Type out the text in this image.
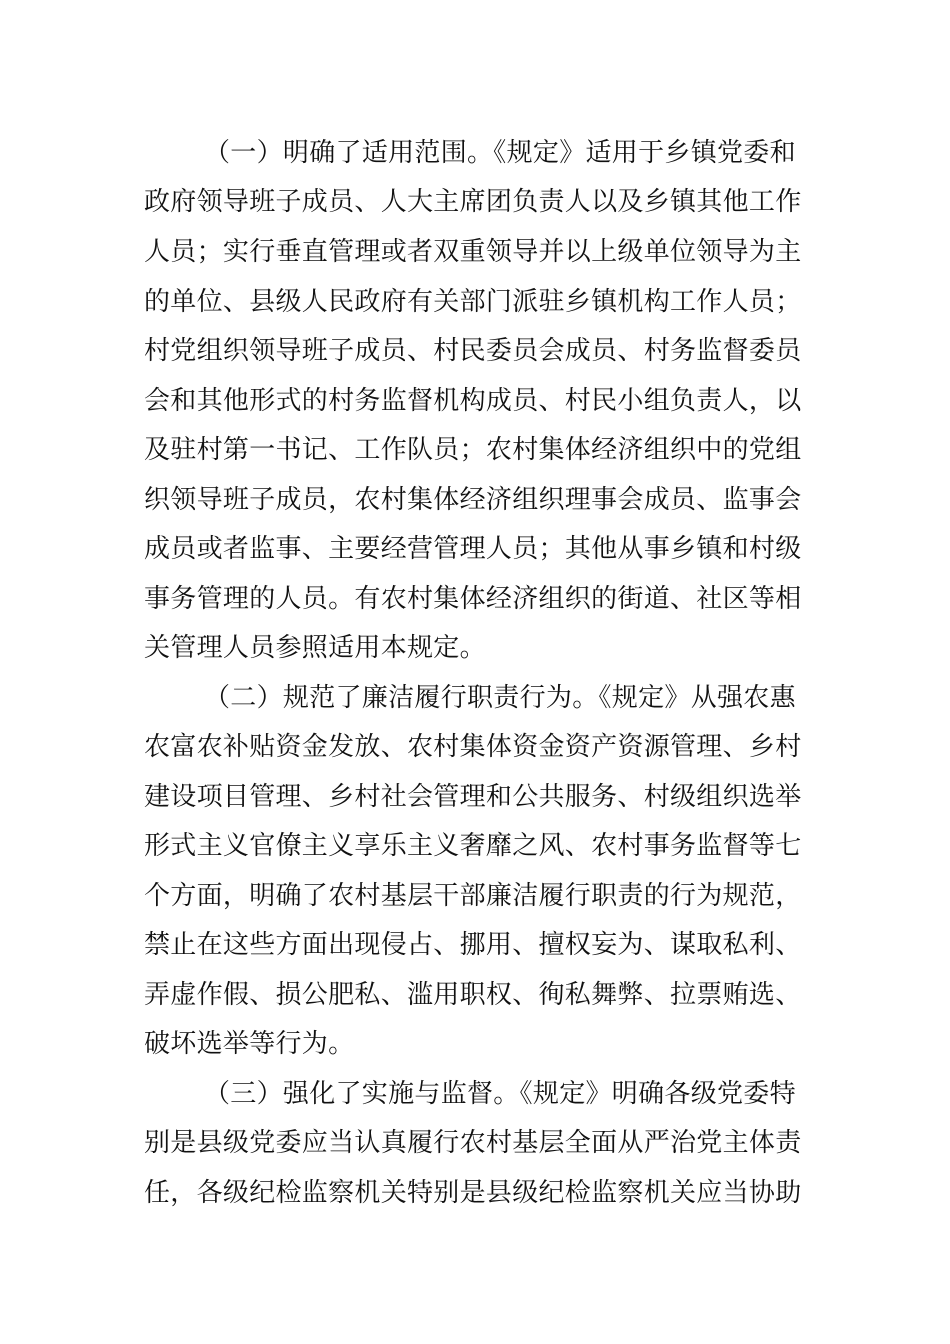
（一）明确了适用范围。《规定》适用于乡镇党委和
政府领导班子成员、人大主席团负责人以及乡镇其他工作
人员；实行垂直管理或者双重领导并以上级单位领导为主
的单位、县级人民政府有关部门派驻乡镇机构工作人员；
村党组织领导班子成员、村民委员会成员、村务监督委员
会和其他形式的村务监督机构成员、村民小组负责人，以
及驻村第一书记、工作队员；农村集体经济组织中的党组
织领导班子成员，农村集体经济组织理事会成员、监事会
成员或者监事、主要经营管理人员；其他从事乡镇和村级
事务管理的人员。有农村集体经济组织的街道、社区等相
关管理人员参照适用本规定。
（二）规范了廉洁履行职责行为。《规定》从强农惠
农富农补贴资金发放、农村集体资金资产资源管理、乡村
建设项目管理、乡村社会管理和公共服务、村级组织选举
形式主义官僚主义享乐主义奢靡之风、农村事务监督等七
个方面，明确了农村基层干部廉洁履行职责的行为规范，
禁止在这些方面出现侵占、挪用、擅权妄为、谋取私利、
弄虚作假、损公肥私、滥用职权、徇私舞弊、拉票贿选、
破坏选举等行为。
（三）强化了实施与监督。《规定》明确各级党委特
别是县级党委应当认真履行农村基层全面从严治党主体责
任，各级纪检监察机关特别是县级纪检监察机关应当协助
